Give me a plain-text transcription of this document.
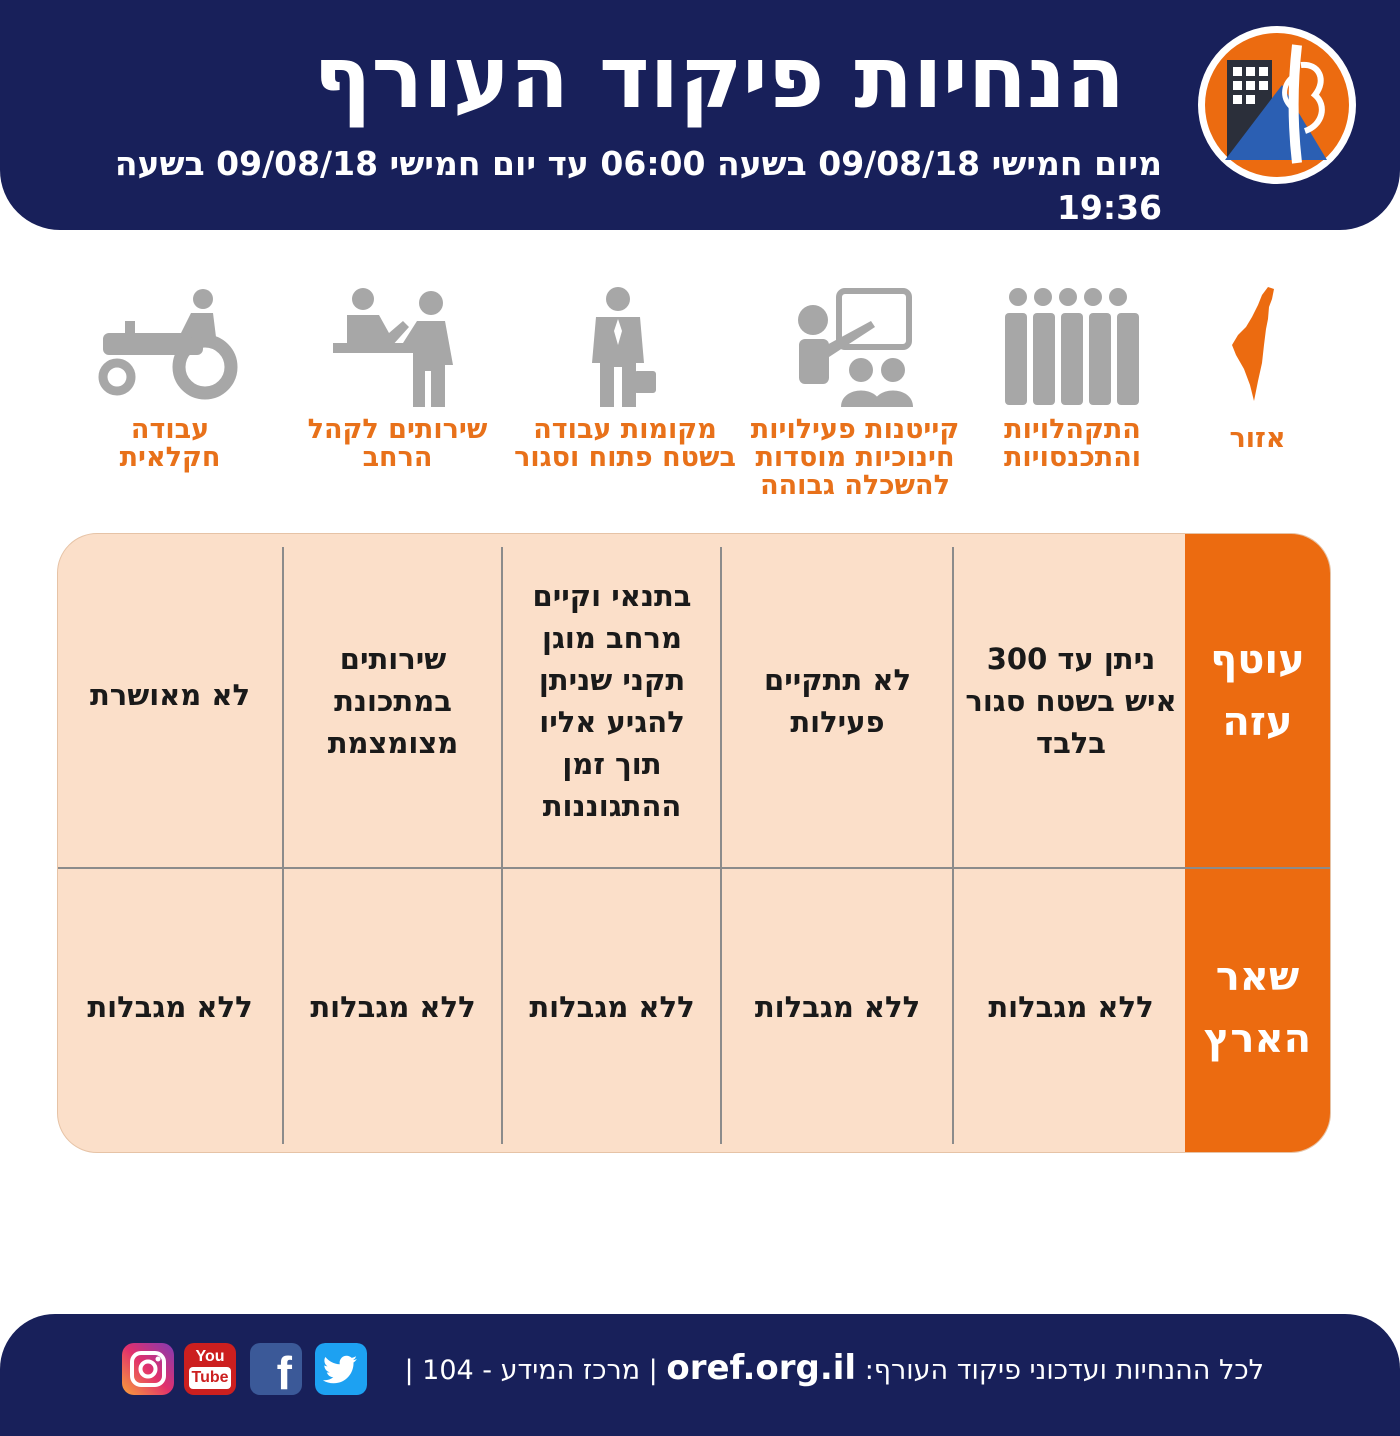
הנחיות פיקוד העורף
מיום חמישי 09/08/18 בשעה 06:00 עד יום חמישי 09/08/18 בשעה 19:36
אזור
התקהלויות והתכנסויות
קייטנות פעילויות חינוכיות מוסדות להשכלה גבוהה
מקומות עבודה בשטח פתוח וסגור
שירותים לקהל הרחב
עבודה חקלאית
עוטף עזה
ניתן עד 300 איש בשטח סגור בלבד
לא תתקיים פעילות
בתנאי וקיים מרחב מוגן תקני שניתן להגיע אליו תוך זמן ההתגוננות
שירותים במתכונת מצומצמת
לא מאושרת
שאר הארץ
ללא מגבלות
ללא מגבלות
ללא מגבלות
ללא מגבלות
ללא מגבלות
לכל ההנחיות ועדכוני פיקוד העורף: oref.org.il | מרכז המידע - 104 |
You
Tube	f
